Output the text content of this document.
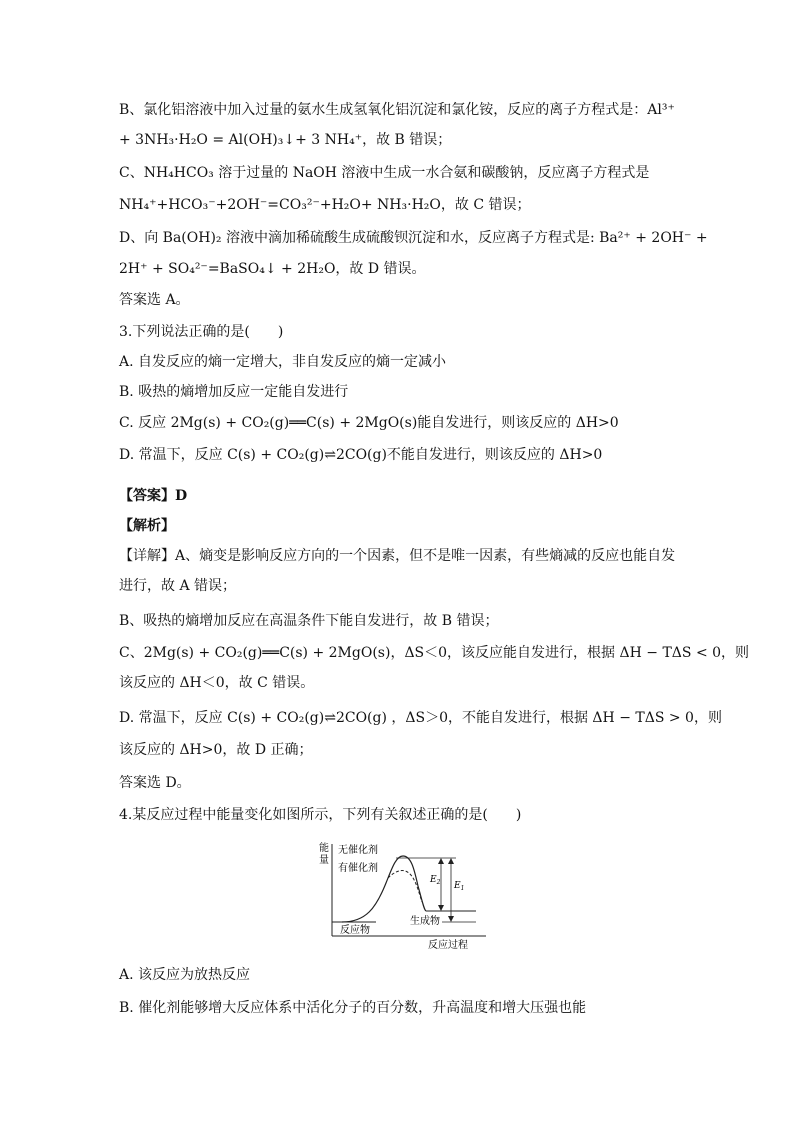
B、氯化铝溶液中加入过量的氨水生成氢氧化铝沉淀和氯化铵，反应的离子方程式是：Al³⁺
+ 3NH₃·H₂O = Al(OH)₃↓+ 3 NH₄⁺，故 B 错误；
C、NH₄HCO₃ 溶于过量的 NaOH 溶液中生成一水合氨和碳酸钠，反应离子方程式是
NH₄⁺+HCO₃⁻+2OH⁻=CO₃²⁻+H₂O+ NH₃·H₂O，故 C 错误；
D、向 Ba(OH)₂ 溶液中滴加稀硫酸生成硫酸钡沉淀和水，反应离子方程式是: Ba²⁺ + 2OH⁻ +
2H⁺ + SO₄²⁻=BaSO₄↓ + 2H₂O，故 D 错误。
答案选 A。
3.下列说法正确的是(　　)
A. 自发反应的熵一定增大，非自发反应的熵一定减小
B. 吸热的熵增加反应一定能自发进行
C. 反应 2Mg(s) + CO₂(g)══C(s) + 2MgO(s)能自发进行，则该反应的 ΔH>0
D. 常温下，反应 C(s) + CO₂(g)⇌2CO(g)不能自发进行，则该反应的 ΔH>0
【答案】D
【解析】
【详解】A、熵变是影响反应方向的一个因素，但不是唯一因素，有些熵减的反应也能自发
进行，故 A 错误；
B、吸热的熵增加反应在高温条件下能自发进行，故 B 错误；
C、2Mg(s) + CO₂(g)══C(s) + 2MgO(s)，ΔS＜0，该反应能自发进行，根据 ΔH − TΔS < 0，则
该反应的 ΔH＜0，故 C 错误。
D. 常温下，反应 C(s) + CO₂(g)⇌2CO(g) ，ΔS＞0，不能自发进行，根据 ΔH − TΔS > 0，则
该反应的 ΔH>0，故 D 正确；
答案选 D。
4.某反应过程中能量变化如图所示，下列有关叙述正确的是(　　)
A. 该反应为放热反应
B. 催化剂能够增大反应体系中活化分子的百分数，升高温度和增大压强也能
能
量
无催化剂
有催化剂
$E_2$ $E_1$
生成物
反应物
反应过程
